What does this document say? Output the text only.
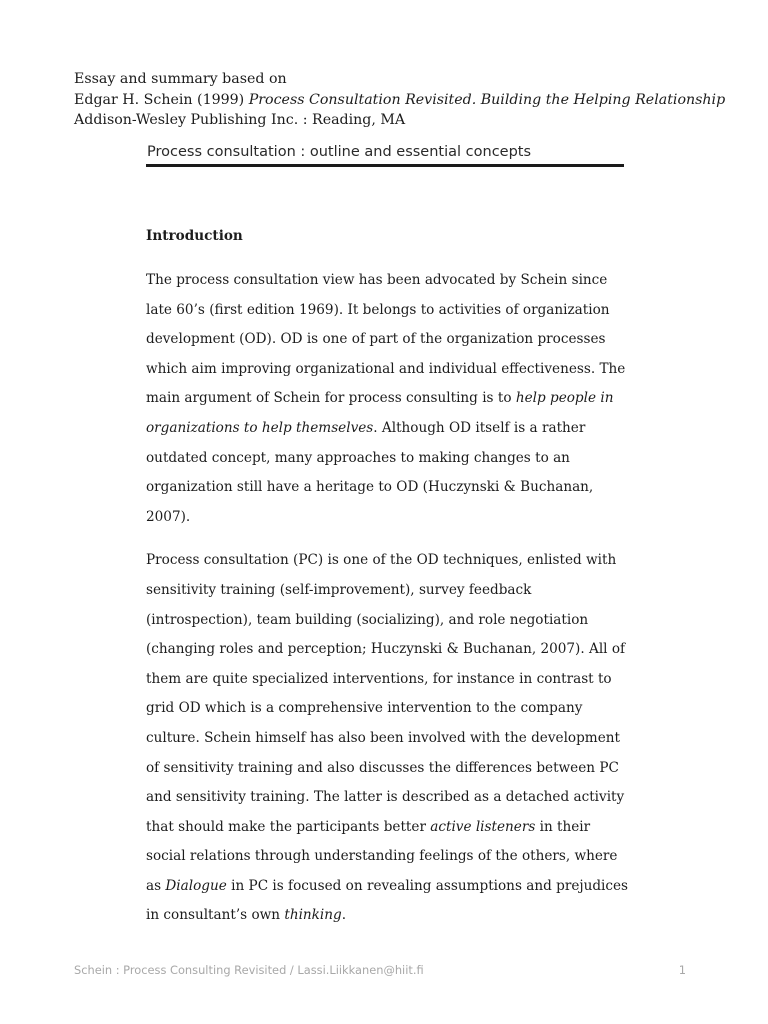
Essay and summary based on
Edgar H. Schein (1999) Process Consultation Revisited. Building the Helping Relationship
Addison-Wesley Publishing Inc. : Reading, MA
Process consultation : outline and essential concepts
Introduction

The process consultation view has been advocated by Schein since late 60’s (first edition 1969). It belongs to activities of organization development (OD). OD is one of part of the organization processes which aim improving organizational and individual effectiveness. The main argument of Schein for process consulting is to help people in organizations to help themselves. Although OD itself is a rather outdated concept, many approaches to making changes to an organization still have a heritage to OD (Huczynski & Buchanan, 2007).

Process consultation (PC) is one of the OD techniques, enlisted with sensitivity training (self-improvement), survey feedback (introspection), team building (socializing), and role negotiation (changing roles and perception; Huczynski & Buchanan, 2007). All of them are quite specialized interventions, for instance in contrast to grid OD which is a comprehensive intervention to the company culture. Schein himself has also been involved with the development of sensitivity training and also discusses the differences between PC and sensitivity training. The latter is described as a detached activity that should make the participants better active listeners in their social relations through understanding feelings of the others, where as Dialogue in PC is focused on revealing assumptions and prejudices in consultant’s own thinking.

Schein : Process Consulting Revisited / Lassi.Liikkanen@hiit.fi	1
